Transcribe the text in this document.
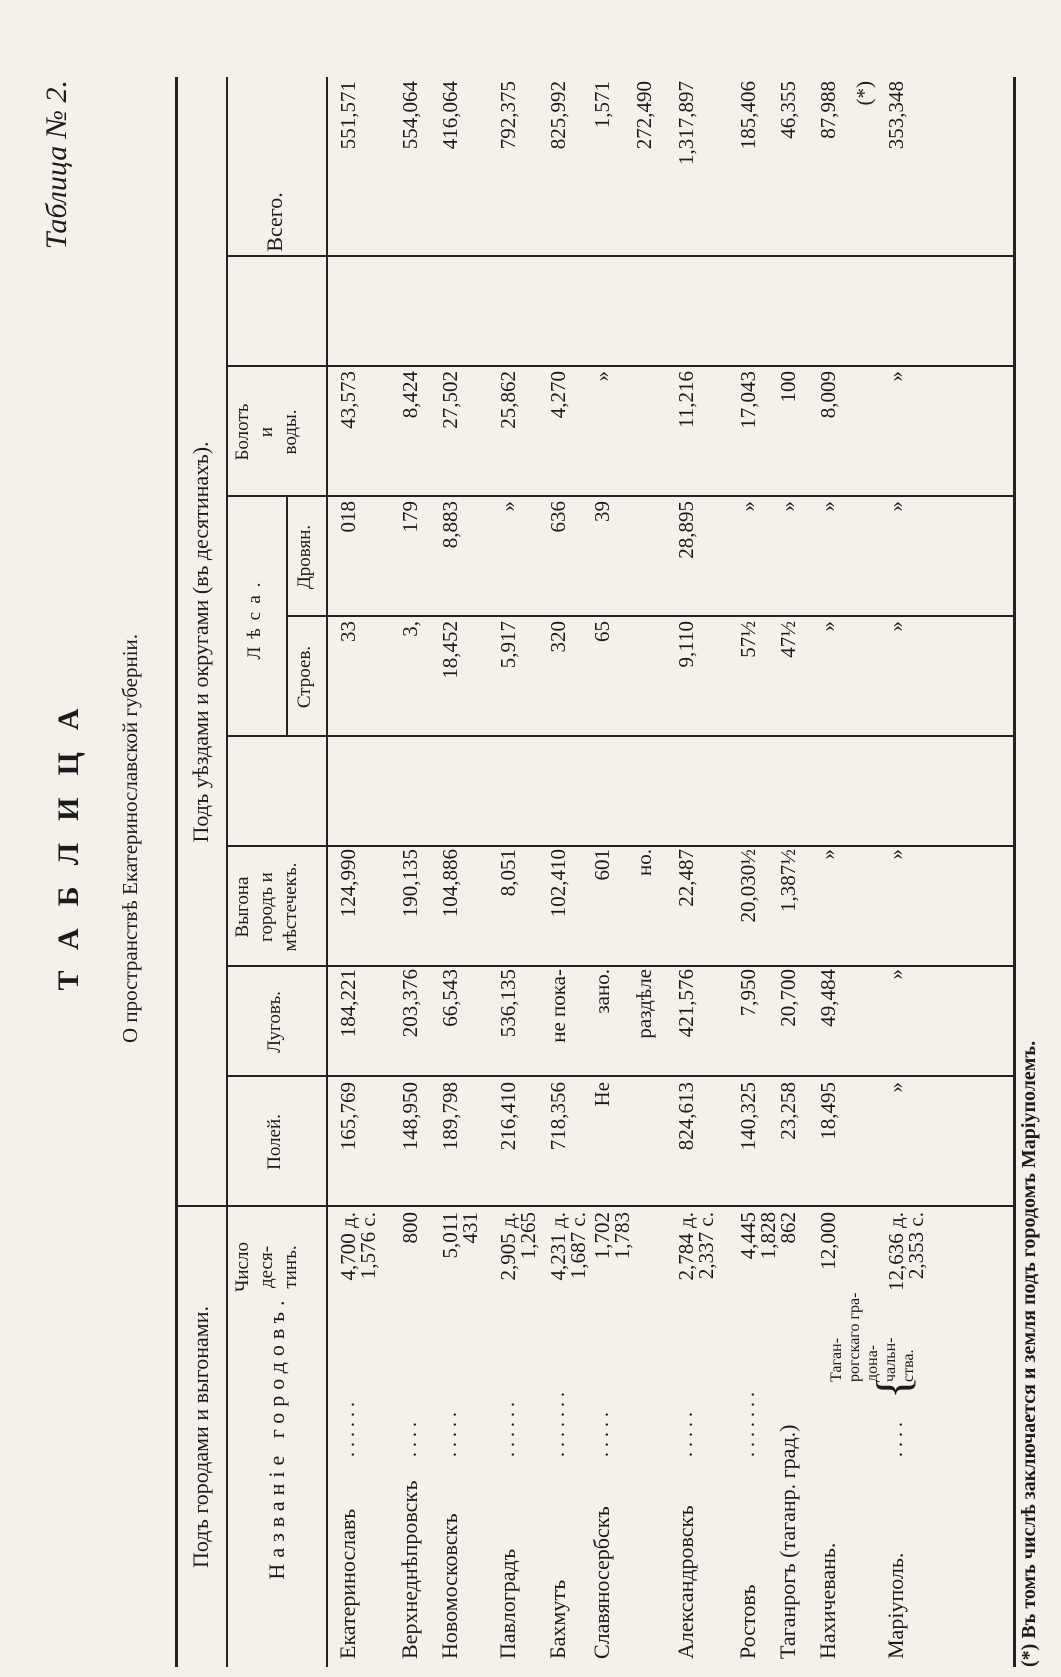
Таблица № 2.
ТАБЛИЦА О пространствѣ Екатеринославской губерніи.
Подъ городами и выгонами.
Подъ уѣздами и округами (въ десятинахъ).
Названіе городовъ.
Число деся- тинъ.
Полей.
Луговъ.
Выгона городъ и мѣстечекъ.
Лѣса.
Строев.
Дровян.
Болотъ и воды.
Всего.
Екатеринославъ
. . . . . .
4,700 д.
165,769
184,221
124,990
33
018
43,573
551,571
1,576 с.
Верхнеднѣпровскъ
. . . .
800
148,950
203,376
190,135
3,
179
8,424
554,064
Новомосковскъ
. . . . .
5,011
189,798
66,543
104,886
18,452
8,883
27,502
416,064
431
Павлоградъ
. . . . . .
2,905 д.
216,410
536,135
8,051
5,917
»
25,862
792,375
1,265
Бахмутъ
. . . . . . .
4,231 д.
718,356
не пока-
102,410
320
636
4,270
825,992
1,687 с.
Славяносербскъ
. . . . .
1,702
Не
зано.
601
65
39
»
1,571
1,783
раздѣле
но.
272,490
Александровскъ
. . . . .
2,784 д.
824,613
421,576
22,487
9,110
28,895
11,216
1,317,897
2,337 с.
Ростовъ
. . . . . . .
4,445
140,325
7,950
20,030½
57½
»
17,043
185,406
1,828
Таганрогъ (таганр. град.)
862
23,258
20,700
1,387½
47½
»
100
46,355
Нахичевань.
12,000
18,495
49,484
»
»
»
8,009
87,988 (*)
Маріуполь.
. . . .
12,636 д.
»
»
»
»
»
»
353,348
2,353 с.
{
Таган-
рогскаго гра-
дона-
чальн-
ства.	(*) Въ томъ числѣ заключается и земля подъ городомъ Маріуполемъ.
